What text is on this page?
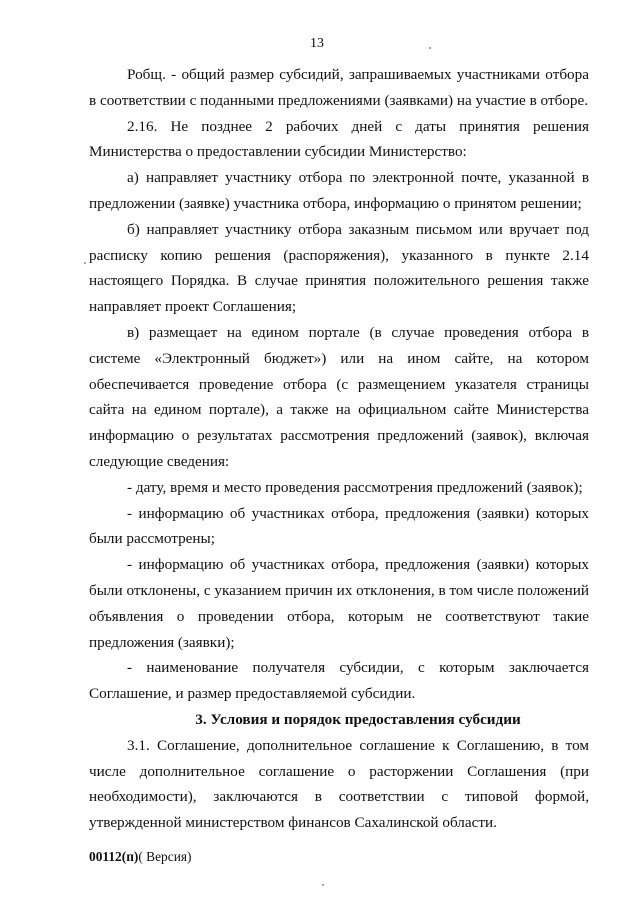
13

Робщ. - общий размер субсидий, запрашиваемых участниками отбора в соответствии с поданными предложениями (заявками) на участие в отборе.

2.16. Не позднее 2 рабочих дней с даты принятия решения Министерства о предоставлении субсидии Министерство:

а) направляет участнику отбора по электронной почте, указанной в предложении (заявке) участника отбора, информацию о принятом решении;

б) направляет участнику отбора заказным письмом или вручает под расписку копию решения (распоряжения), указанного в пункте 2.14 настоящего Порядка. В случае принятия положительного решения также направляет проект Соглашения;

в) размещает на едином портале (в случае проведения отбора в системе «Электронный бюджет») или на ином сайте, на котором обеспечивается проведение отбора (с размещением указателя страницы сайта на едином портале), а также на официальном сайте Министерства информацию о результатах рассмотрения предложений (заявок), включая следующие сведения:

- дату, время и место проведения рассмотрения предложений (заявок);

- информацию об участниках отбора, предложения (заявки) которых были рассмотрены;

- информацию об участниках отбора, предложения (заявки) которых были отклонены, с указанием причин их отклонения, в том числе положений объявления о проведении отбора, которым не соответствуют такие предложения (заявки);

- наименование получателя субсидии, с которым заключается Соглашение, и размер предоставляемой субсидии.

3. Условия и порядок предоставления субсидии

3.1. Соглашение, дополнительное соглашение к Соглашению, в том числе дополнительное соглашение о расторжении Соглашения (при необходимости), заключаются в соответствии с типовой формой, утвержденной министерством финансов Сахалинской области.

00112(п)( Версия)
